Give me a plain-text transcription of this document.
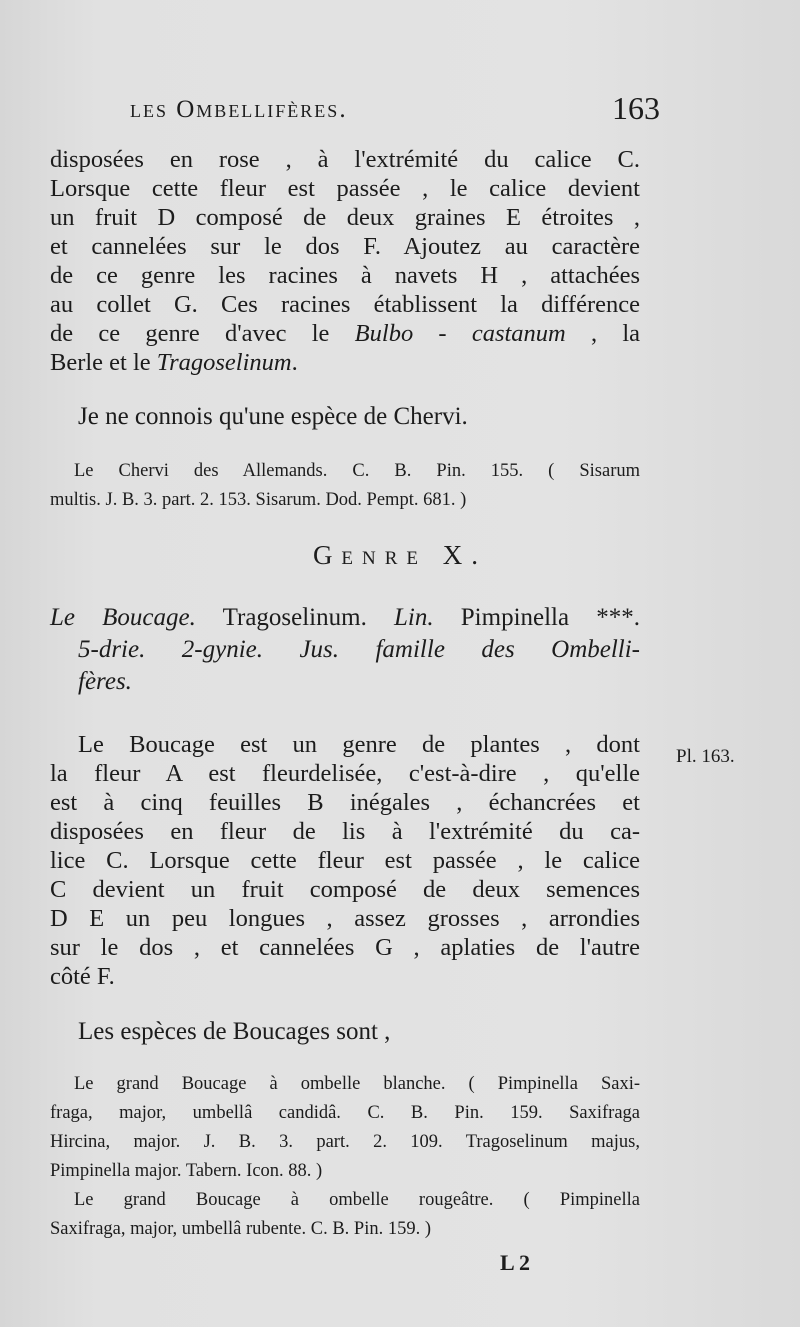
les Ombellifères.	163
disposées en rose , à l'extrémité du calice C.
Lorsque cette fleur est passée , le calice devient
un fruit D composé de deux graines E étroites ,
et cannelées sur le dos F. Ajoutez au caractère
de ce genre les racines à navets H , attachées
au collet G. Ces racines établissent la différence
de ce genre d'avec le Bulbo - castanum , la
Berle et le Tragoselinum.
Je ne connois qu'une espèce de Chervi.
Le Chervi des Allemands. C. B. Pin. 155. ( Sisarum
multis. J. B. 3. part. 2. 153. Sisarum. Dod. Pempt. 681. )
Genre X.
Le Boucage. Tragoselinum. Lin. Pimpinella ***.
5-drie. 2-gynie. Jus. famille des Ombelli-
fères.
Le Boucage est un genre de plantes , dont
la fleur A est fleurdelisée, c'est-à-dire , qu'elle
est à cinq feuilles B inégales , échancrées et
disposées en fleur de lis à l'extrémité du ca-
lice C. Lorsque cette fleur est passée , le calice
C devient un fruit composé de deux semences
D E un peu longues , assez grosses , arrondies
sur le dos , et cannelées G , aplaties de l'autre
côté F.
Pl. 163.
Les espèces de Boucages sont ,
Le grand Boucage à ombelle blanche. ( Pimpinella Saxi-
fraga, major, umbellâ candidâ. C. B. Pin. 159. Saxifraga
Hircina, major. J. B. 3. part. 2. 109. Tragoselinum majus,
Pimpinella major. Tabern. Icon. 88. )
Le grand Boucage à ombelle rougeâtre. ( Pimpinella
Saxifraga, major, umbellâ rubente. C. B. Pin. 159. )
L 2
